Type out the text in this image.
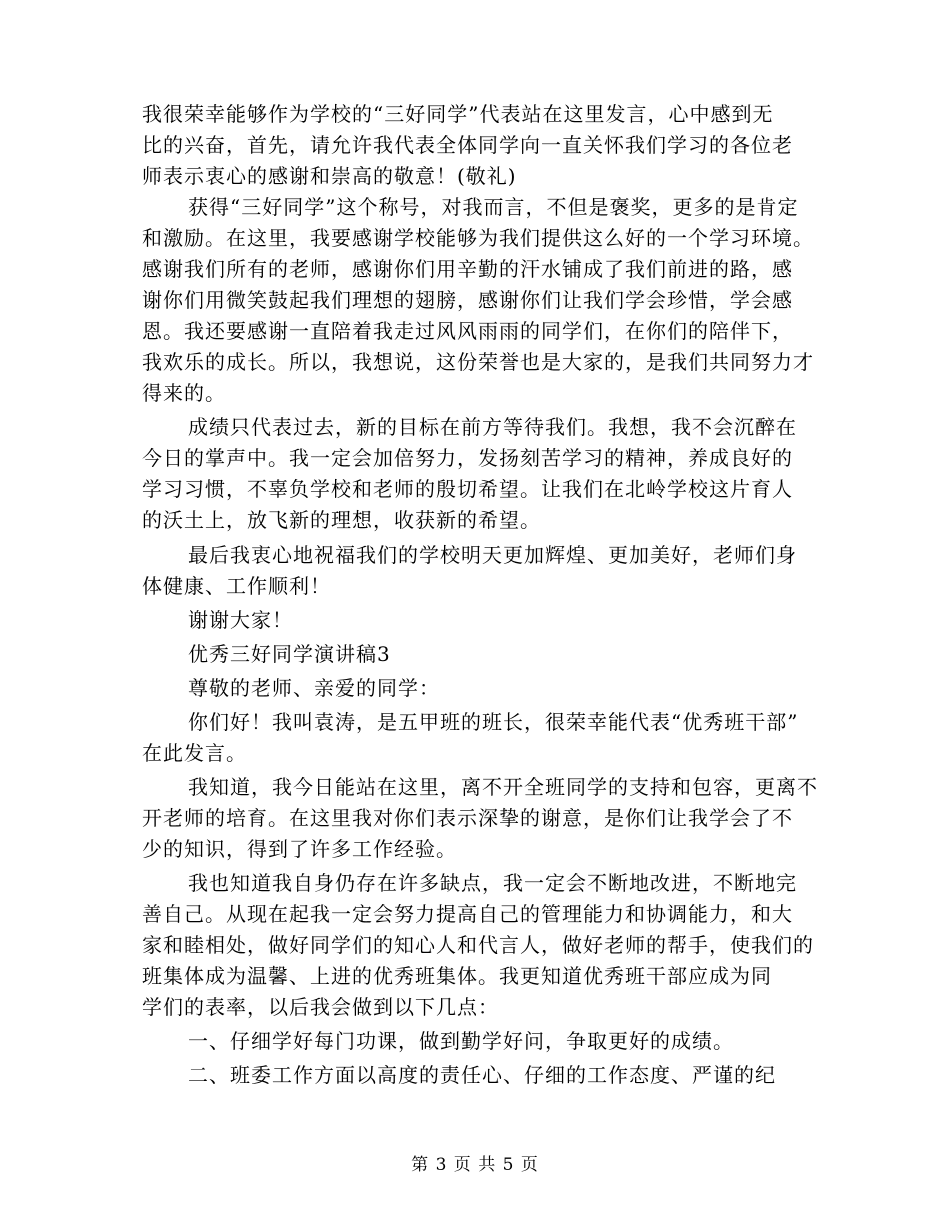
我很荣幸能够作为学校的“三好同学”代表站在这里发言，心中感到无
比的兴奋，首先，请允许我代表全体同学向一直关怀我们学习的各位老
师表示衷心的感谢和崇高的敬意！(敬礼)
获得“三好同学”这个称号，对我而言，不但是褒奖，更多的是肯定
和激励。在这里，我要感谢学校能够为我们提供这么好的一个学习环境。
感谢我们所有的老师，感谢你们用辛勤的汗水铺成了我们前进的路，感
谢你们用微笑鼓起我们理想的翅膀，感谢你们让我们学会珍惜，学会感
恩。我还要感谢一直陪着我走过风风雨雨的同学们，在你们的陪伴下，
我欢乐的成长。所以，我想说，这份荣誉也是大家的，是我们共同努力才
得来的。
成绩只代表过去，新的目标在前方等待我们。我想，我不会沉醉在
今日的掌声中。我一定会加倍努力，发扬刻苦学习的精神，养成良好的
学习习惯，不辜负学校和老师的殷切希望。让我们在北岭学校这片育人
的沃土上，放飞新的理想，收获新的希望。
最后我衷心地祝福我们的学校明天更加辉煌、更加美好，老师们身
体健康、工作顺利！
谢谢大家！
优秀三好同学演讲稿3
尊敬的老师、亲爱的同学：
你们好！我叫袁涛，是五甲班的班长，很荣幸能代表“优秀班干部”
在此发言。
我知道，我今日能站在这里，离不开全班同学的支持和包容，更离不
开老师的培育。在这里我对你们表示深挚的谢意，是你们让我学会了不
少的知识，得到了许多工作经验。
我也知道我自身仍存在许多缺点，我一定会不断地改进，不断地完
善自己。从现在起我一定会努力提高自己的管理能力和协调能力，和大
家和睦相处，做好同学们的知心人和代言人，做好老师的帮手，使我们的
班集体成为温馨、上进的优秀班集体。我更知道优秀班干部应成为同
学们的表率，以后我会做到以下几点：
一、仔细学好每门功课，做到勤学好问，争取更好的成绩。
二、班委工作方面以高度的责任心、仔细的工作态度、严谨的纪
第 3 页 共 5 页
